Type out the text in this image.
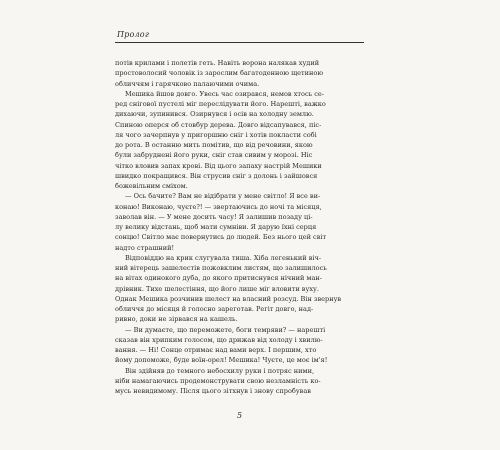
Пролог
потів крилами і полетів геть. Навіть ворона налякав худий
простоволосий чоловік із зарослим багатоденною щетиною
обличчям і гарячково палаючими очима.
Мешика йшов довго. Увесь час озирався, немов хтось се-
ред снігової пустелі міг переслідувати його. Нарешті, важко
дихаючи, зупинився. Озирнувся і осів на холодну землю.
Спиною оперся об стовбур дерева. Довго відсапувався, піс-
ля чого зачерпнув у пригоршню сніг і хотів покласти собі
до рота. В останню мить помітив, що від речовини, якою
були забруднені його руки, сніг став сивим у морозі. Ніс
чітко вловив запах крові. Від цього запаху настрій Мешики
швидко покращився. Він струсив сніг з долонь і зайшовся
божевільним сміхом.
— Ось бачите? Вам не відібрати у мене світло! Я все ви-
конаю! Виконаю, чуєте?! — звертаючись до ночі та місяця,
заволав він. — У мене досить часу! Я залишив позаду ці-
лу велику відстань, щоб мати сумніви. Я дарую їхні серця
сонцю! Світло має повернутись до людей. Без нього цей світ
надто страшний!
Відповіддю на крик слугувала тиша. Хіба легенький віч-
ний вітерець зашелестів пожовклим листям, що залишилось
на вітах одинокого дуба, до якого притиснувся нічний ман-
дрівник. Тихе шелестіння, що його лише міг вловити вуху.
Однак Мешика розчинив шелест на власний розсуд. Він звернув
обличчя до місяця й голосно зареготав. Регіт довго, над-
ривно, доки не зірвався на кашель.
— Ви думаєте, що переможете, боги темряви? — нарешті
сказав він хрипким голосом, що дрижав від холоду і хвилю-
вання. — Ні! Сонце отримає над вами верх. І першим, хто
йому допоможе, буде воїн-орел! Мешика! Чуєте, це моє ім'я!
Він здійняв до темного небосхилу руки і потряс ними,
ніби намагаючись продемонструвати свою незламність ко-
мусь невидимому. Після цього зітхнув і знову спробував
5
